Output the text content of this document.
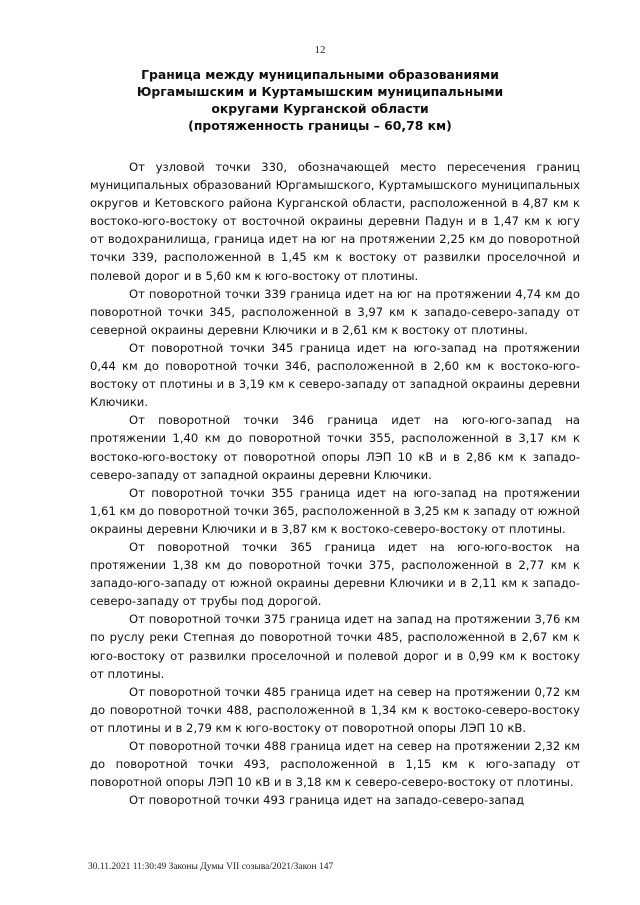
12
Граница между муниципальными образованиями
Юргамышским и Куртамышским муниципальными
округами Курганской области
(протяженность границы – 60,78 км)

От узловой точки 330, обозначающей место пересечения границ муниципальных образований Юргамышского, Куртамышского муниципальных округов и Кетовского района Курганской области, расположенной в 4,87 км к востоко-юго-востоку от восточной окраины деревни Падун и в 1,47 км к югу от водохранилища, граница идет на юг на протяжении 2,25 км до поворотной точки 339, расположенной в 1,45 км к востоку от развилки проселочной и полевой дорог и в 5,60 км к юго-востоку от плотины.

От поворотной точки 339 граница идет на юг на протяжении 4,74 км до поворотной точки 345, расположенной в 3,97 км к западо-северо-западу от северной окраины деревни Ключики и в 2,61 км к востоку от плотины.

От поворотной точки 345 граница идет на юго-запад на протяжении 0,44 км до поворотной точки 346, расположенной в 2,60 км к востоко-юго-востоку от плотины и в 3,19 км к северо-западу от западной окраины деревни Ключики.

От поворотной точки 346 граница идет на юго-юго-запад на протяжении 1,40 км до поворотной точки 355, расположенной в 3,17 км к востоко-юго-востоку от поворотной опоры ЛЭП 10 кВ и в 2,86 км к западо-северо-западу от западной окраины деревни Ключики.

От поворотной точки 355 граница идет на юго-запад на протяжении 1,61 км до поворотной точки 365, расположенной в 3,25 км к западу от южной окраины деревни Ключики и в 3,87 км к востоко-северо-востоку от плотины.

От поворотной точки 365 граница идет на юго-юго-восток на протяжении 1,38 км до поворотной точки 375, расположенной в 2,77 км к западо-юго-западу от южной окраины деревни Ключики и в 2,11 км к западо-северо-западу от трубы под дорогой.

От поворотной точки 375 граница идет на запад на протяжении 3,76 км по руслу реки Степная до поворотной точки 485, расположенной в 2,67 км к юго-востоку от развилки проселочной и полевой дорог и в 0,99 км к востоку от плотины.

От поворотной точки 485 граница идет на север на протяжении 0,72 км до поворотной точки 488, расположенной в 1,34 км к востоко-северо-востоку от плотины и в 2,79 км к юго-востоку от поворотной опоры ЛЭП 10 кВ.

От поворотной точки 488 граница идет на север на протяжении 2,32 км до поворотной точки 493, расположенной в 1,15 км к юго-западу от поворотной опоры ЛЭП 10 кВ и в 3,18 км к северо-северо-востоку от плотины.

От поворотной точки 493 граница идет на западо-северо-запад

30.11.2021 11:30:49 Законы Думы VII созыва/2021/Закон 147
